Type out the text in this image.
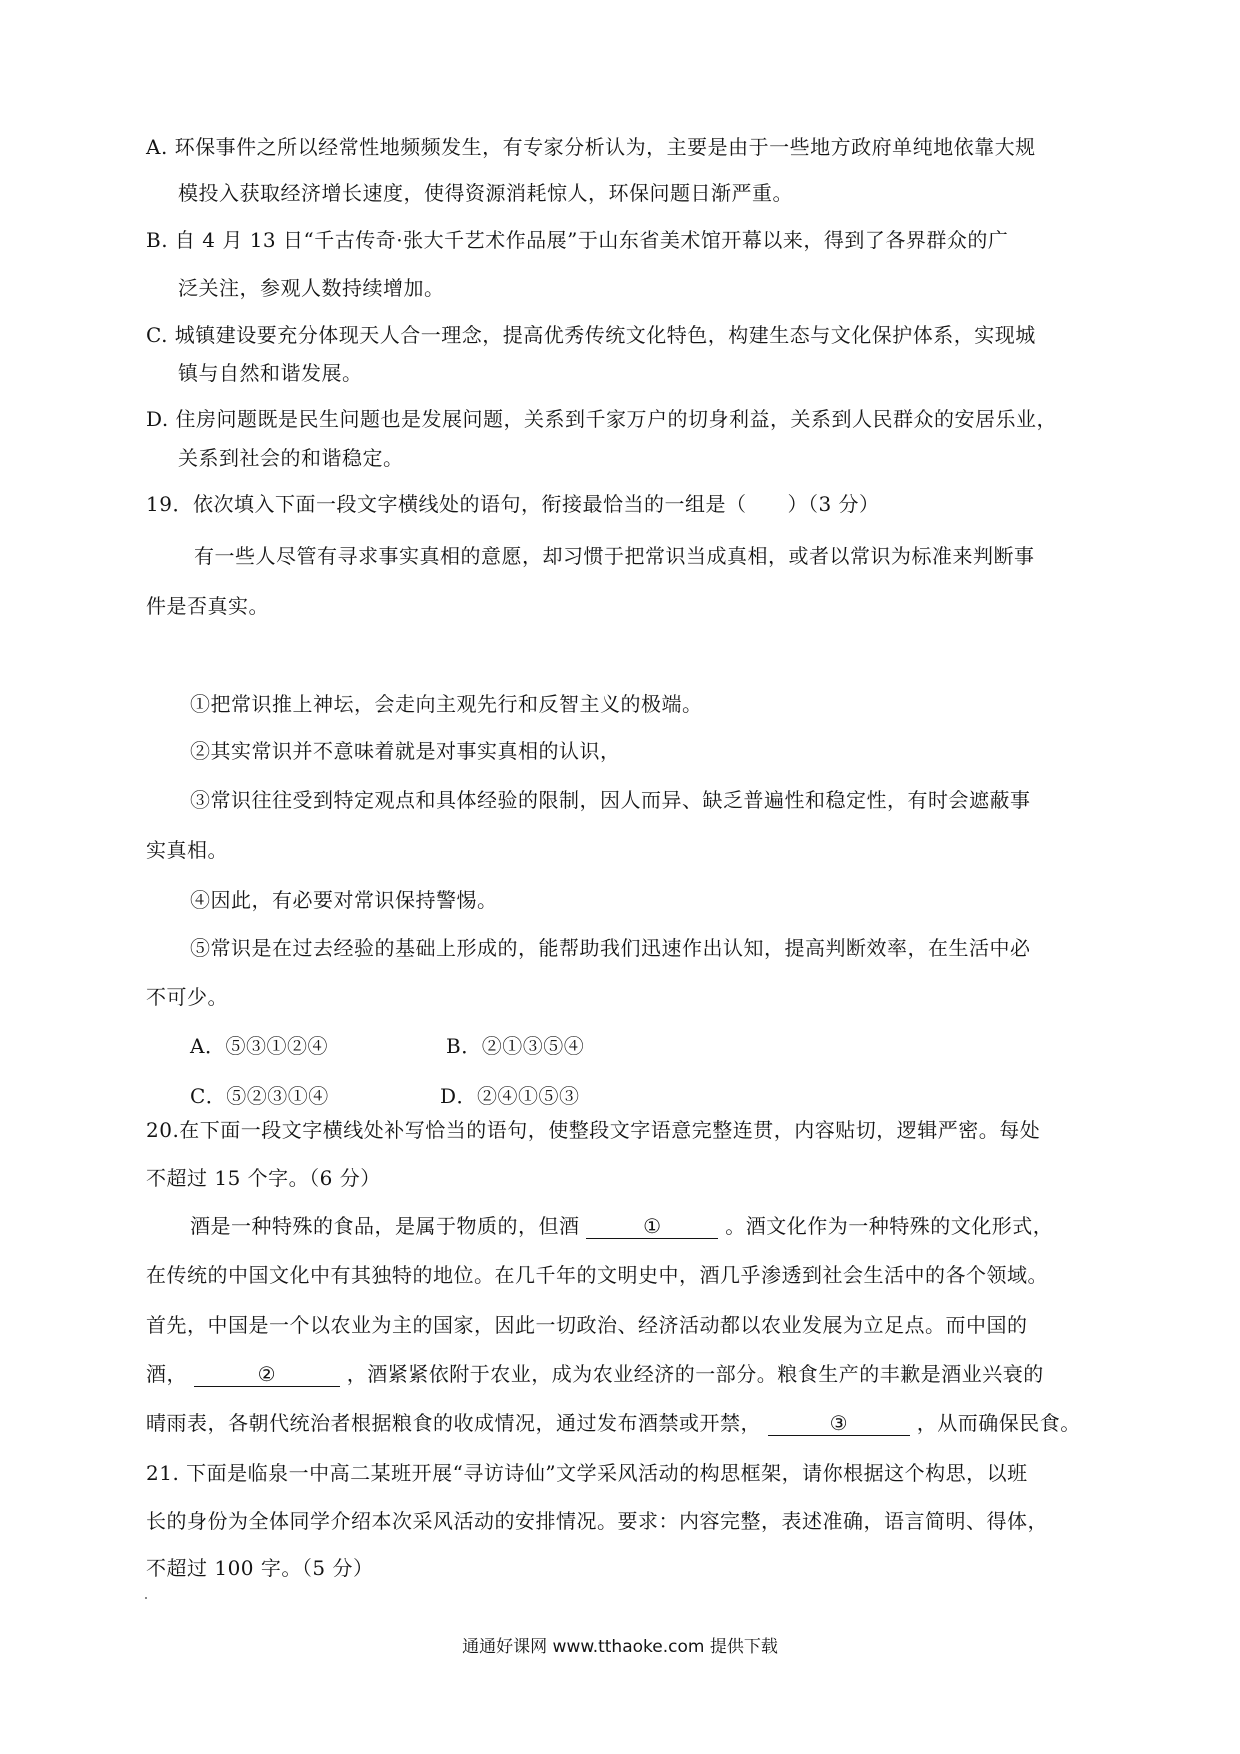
A. 环保事件之所以经常性地频频发生，有专家分析认为，主要是由于一些地方政府单纯地依靠大规
模投入获取经济增长速度，使得资源消耗惊人，环保问题日渐严重。
B. 自 4 月 13 日“千古传奇·张大千艺术作品展”于山东省美术馆开幕以来，得到了各界群众的广
泛关注，参观人数持续增加。
C. 城镇建设要充分体现天人合一理念，提高优秀传统文化特色，构建生态与文化保护体系，实现城
镇与自然和谐发展。
D. 住房问题既是民生问题也是发展问题，关系到千家万户的切身利益，关系到人民群众的安居乐业，
关系到社会的和谐稳定。
19．依次填入下面一段文字横线处的语句，衔接最恰当的一组是（　　）（3 分）
有一些人尽管有寻求事实真相的意愿，却习惯于把常识当成真相，或者以常识为标准来判断事
件是否真实。
①把常识推上神坛，会走向主观先行和反智主义的极端。
②其实常识并不意味着就是对事实真相的认识，
③常识往往受到特定观点和具体经验的限制，因人而异、缺乏普遍性和稳定性，有时会遮蔽事
实真相。
④因此，有必要对常识保持警惕。
⑤常识是在过去经验的基础上形成的，能帮助我们迅速作出认知，提高判断效率，在生活中必
不可少。
A．⑤③①②④	B．②①③⑤④
C．⑤②③①④	D．②④①⑤③
20.在下面一段文字横线处补写恰当的语句，使整段文字语意完整连贯，内容贴切，逻辑严密。每处
不超过 15 个字。（6 分）
酒是一种特殊的食品，是属于物质的，但酒	①	。酒文化作为一种特殊的文化形式，
在传统的中国文化中有其独特的地位。在几千年的文明史中，酒几乎渗透到社会生活中的各个领域。
首先，中国是一个以农业为主的国家，因此一切政治、经济活动都以农业发展为立足点。而中国的
酒，	②	，酒紧紧依附于农业，成为农业经济的一部分。粮食生产的丰歉是酒业兴衰的
晴雨表，各朝代统治者根据粮食的收成情况，通过发布酒禁或开禁，	③	，从而确保民食。
21. 下面是临泉一中高二某班开展“寻访诗仙”文学采风活动的构思框架，请你根据这个构思，以班
长的身份为全体同学介绍本次采风活动的安排情况。要求：内容完整，表述准确，语言简明、得体，
不超过 100 字。（5 分）
通通好课网 www.tthaoke.com 提供下载
